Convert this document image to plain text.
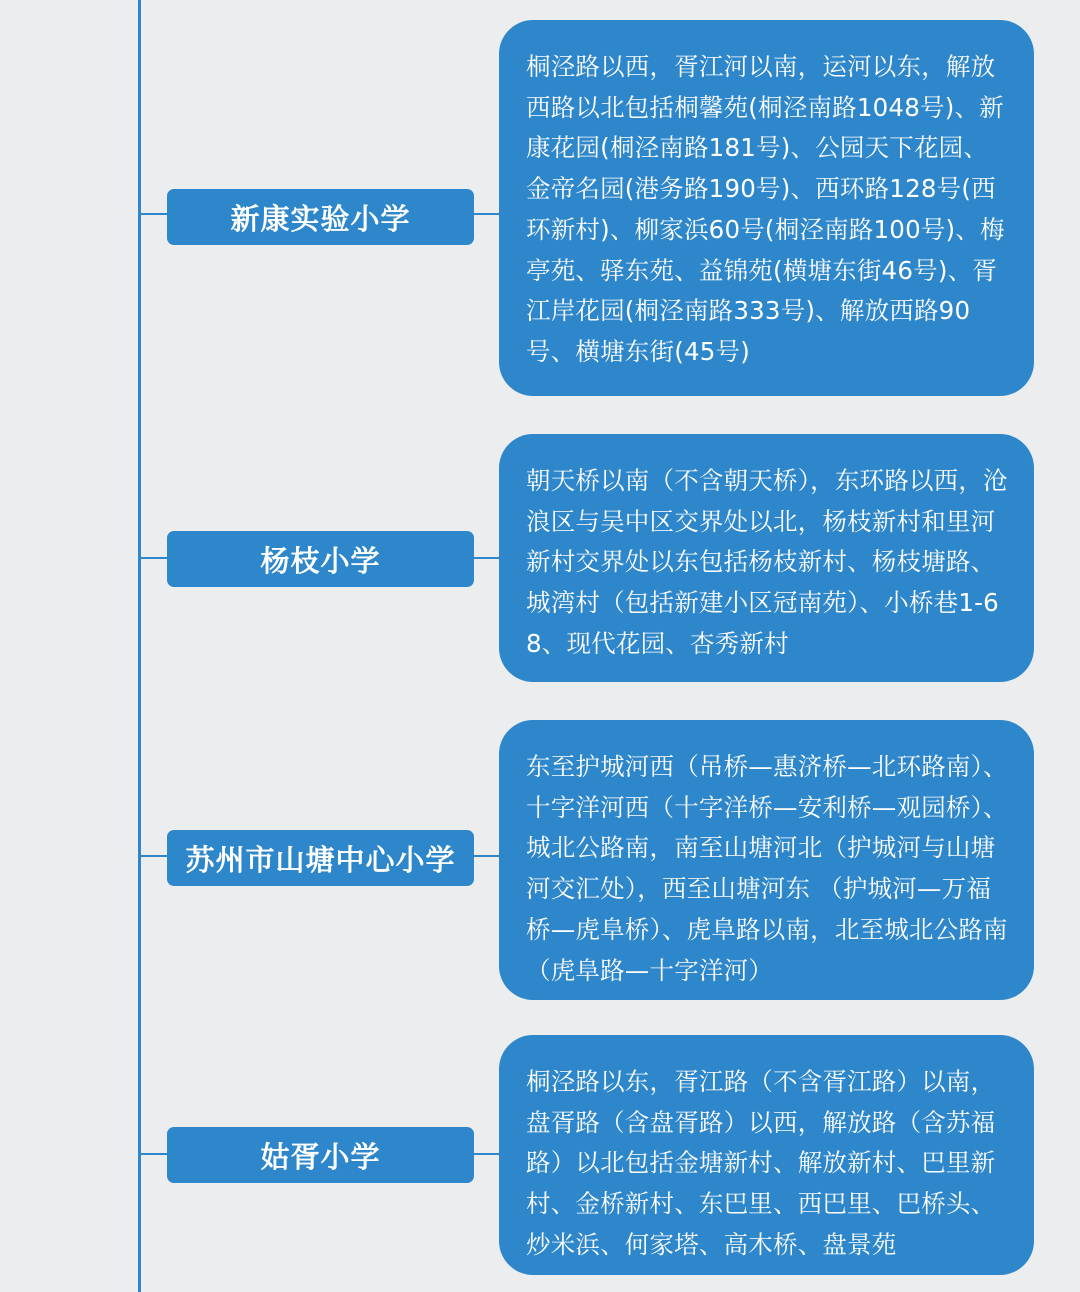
新康实验小学
桐泾路以西，胥江河以南，运河以东，解放西路以北包括桐馨苑(桐泾南路1048号)、新康花园(桐泾南路181号)、公园天下花园、金帝名园(港务路190号)、西环路128号(西环新村)、柳家浜60号(桐泾南路100号)、梅亭苑、驿东苑、益锦苑(横塘东街46号)、胥江岸花园(桐泾南路333号)、解放西路90号、横塘东街(45号)
杨枝小学
朝天桥以南（不含朝天桥），东环路以西，沧浪区与吴中区交界处以北，杨枝新村和里河新村交界处以东包括杨枝新村、杨枝塘路、城湾村（包括新建小区冠南苑）、小桥巷1-68、现代花园、杏秀新村
苏州市山塘中心小学
东至护城河西（吊桥—惠济桥—北环路南）、十字洋河西（十字洋桥—安利桥—观园桥）、城北公路南，南至山塘河北（护城河与山塘河交汇处），西至山塘河东 （护城河—万福桥—虎阜桥）、虎阜路以南，北至城北公路南（虎阜路—十字洋河）
姑胥小学
桐泾路以东，胥江路（不含胥江路）以南，盘胥路（含盘胥路）以西，解放路（含苏福路）以北包括金塘新村、解放新村、巴里新村、金桥新村、东巴里、西巴里、巴桥头、炒米浜、何家塔、高木桥、盘景苑
